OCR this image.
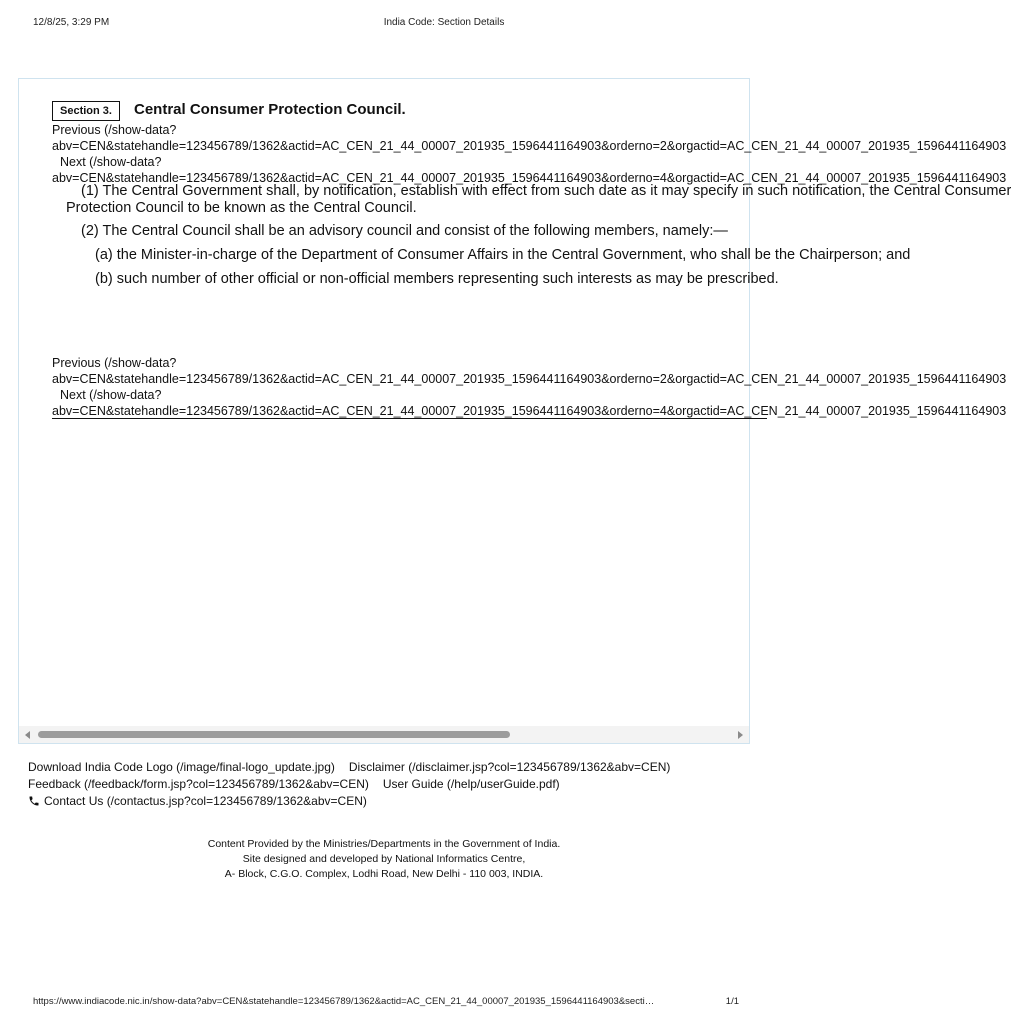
12/8/25, 3:29 PM	India Code: Section Details
Section 3.	Central Consumer Protection Council.
Previous (/show-data?
abv=CEN&statehandle=123456789/1362&actid=AC_CEN_21_44_00007_201935_1596441164903&orderno=2&orgactid=AC_CEN_21_44_00007_201935_1596441164903
Next (/show-data?
abv=CEN&statehandle=123456789/1362&actid=AC_CEN_21_44_00007_201935_1596441164903&orderno=4&orgactid=AC_CEN_21_44_00007_201935_1596441164903
(1) The Central Government shall, by notification, establish with effect from such date as it may specify in such notification, the Central Consumer
Protection Council to be known as the Central Council.
(2) The Central Council shall be an advisory council and consist of the following members, namely:—
(a) the Minister-in-charge of the Department of Consumer Affairs in the Central Government, who shall be the Chairperson; and
(b) such number of other official or non-official members representing such interests as may be prescribed.
Previous (/show-data?
abv=CEN&statehandle=123456789/1362&actid=AC_CEN_21_44_00007_201935_1596441164903&orderno=2&orgactid=AC_CEN_21_44_00007_201935_1596441164903
Next (/show-data?
abv=CEN&statehandle=123456789/1362&actid=AC_CEN_21_44_00007_201935_1596441164903&orderno=4&orgactid=AC_CEN_21_44_00007_201935_1596441164903
Download India Code Logo (/image/final-logo_update.jpg) Disclaimer (/disclaimer.jsp?col=123456789/1362&abv=CEN)
Feedback (/feedback/form.jsp?col=123456789/1362&abv=CEN) User Guide (/help/userGuide.pdf)
Contact Us (/contactus.jsp?col=123456789/1362&abv=CEN)
Content Provided by the Ministries/Departments in the Government of India.
Site designed and developed by National Informatics Centre,
A- Block, C.G.O. Complex, Lodhi Road, New Delhi - 110 003, INDIA.
https://www.indiacode.nic.in/show-data?abv=CEN&statehandle=123456789/1362&actid=AC_CEN_21_44_00007_201935_1596441164903&secti…	1/1
